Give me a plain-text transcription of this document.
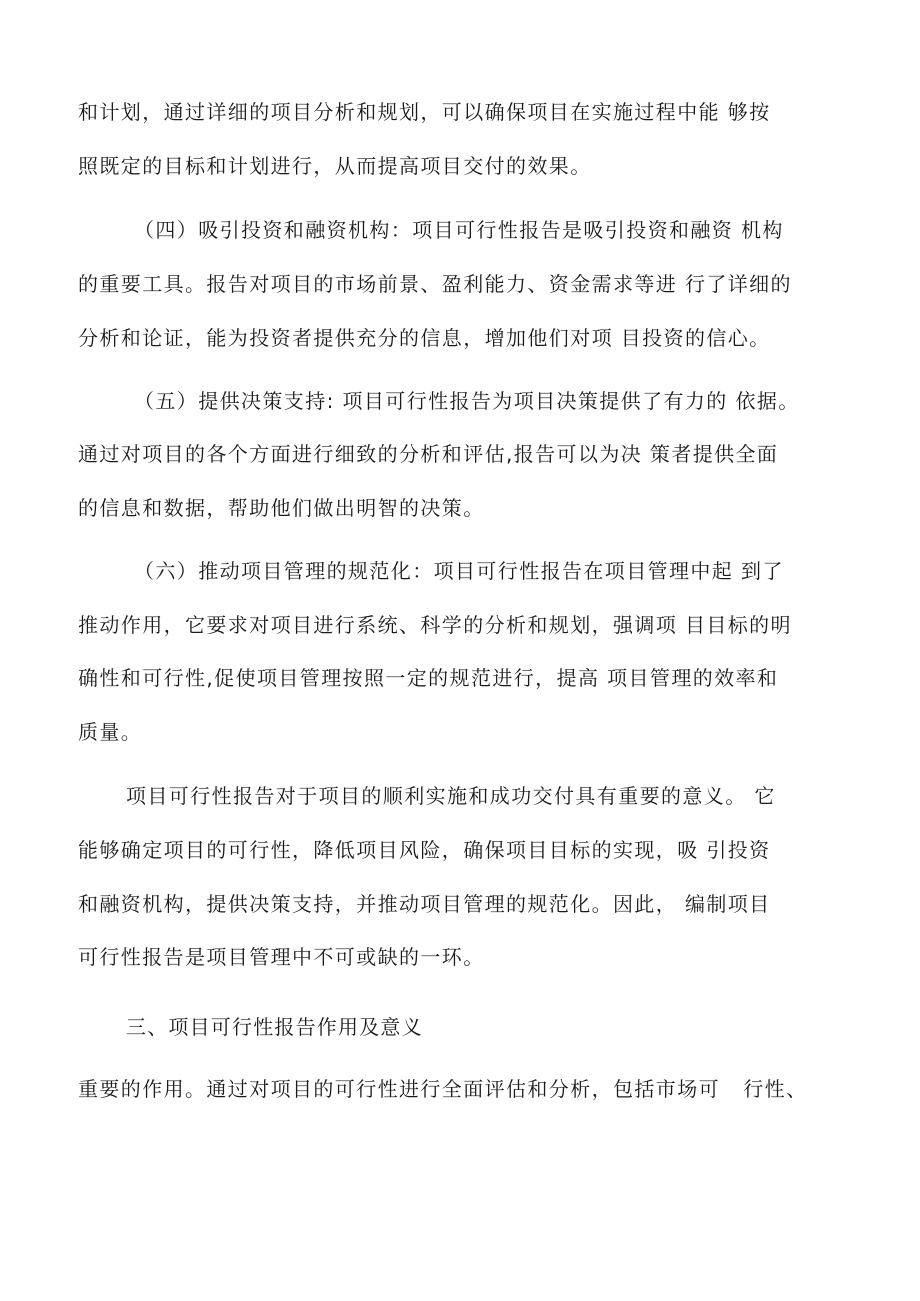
和计划，通过详细的项目分析和规划，可以确保项目在实施过程中能 够按
照既定的目标和计划进行，从而提高项目交付的效果。
（四）吸引投资和融资机构：项目可行性报告是吸引投资和融资 机构
的重要工具。报告对项目的市场前景、盈利能力、资金需求等进 行了详细的
分析和论证，能为投资者提供充分的信息，增加他们对项 目投资的信心。
（五）提供决策支持: 项目可行性报告为项目决策提供了有力的 依据。
通过对项目的各个方面进行细致的分析和评估,报告可以为决 策者提供全面
的信息和数据，帮助他们做出明智的决策。
（六）推动项目管理的规范化：项目可行性报告在项目管理中起 到了
推动作用，它要求对项目进行系统、科学的分析和规划，强调项 目目标的明
确性和可行性,促使项目管理按照一定的规范进行，提高 项目管理的效率和
质量。
项目可行性报告对于项目的顺利实施和成功交付具有重要的意义。 它
能够确定项目的可行性，降低项目风险，确保项目目标的实现，吸 引投资
和融资机构，提供决策支持，并推动项目管理的规范化。因此， 编制项目
可行性报告是项目管理中不可或缺的一环。
三、项目可行性报告作用及意义
重要的作用。通过对项目的可行性进行全面评估和分析，包括市场可   行性、
